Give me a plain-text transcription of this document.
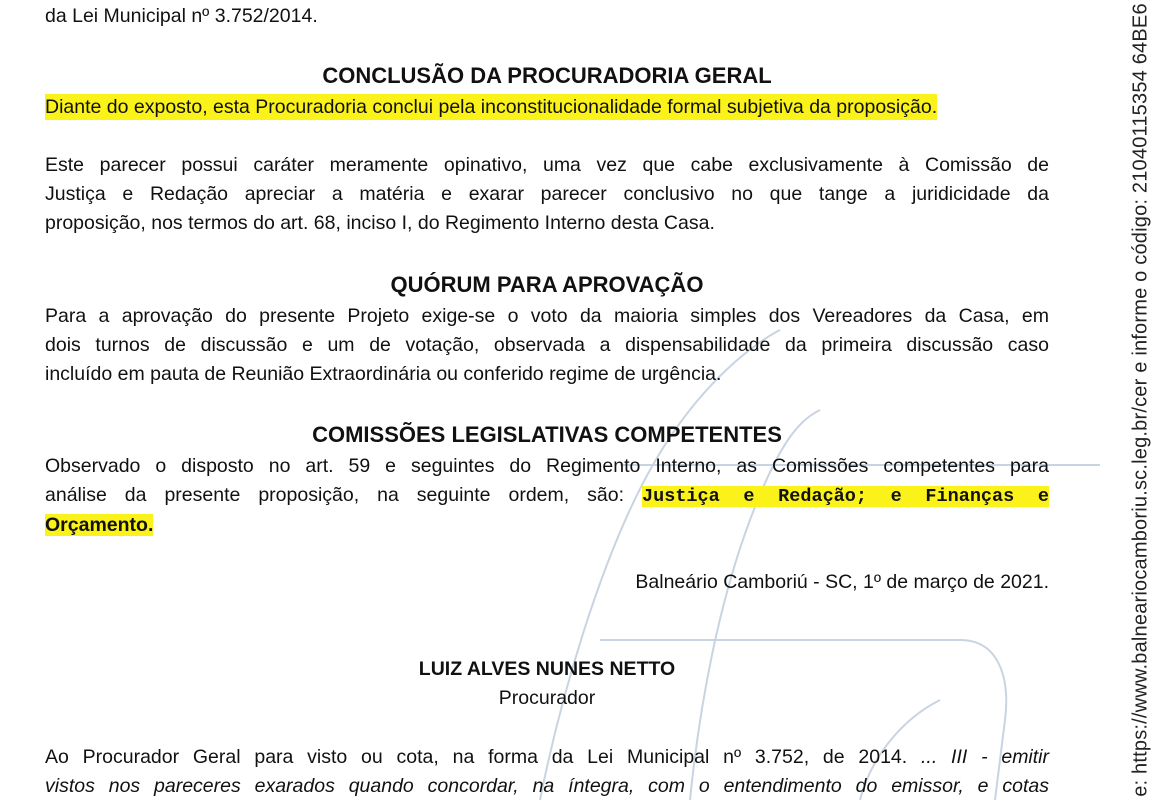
da Lei Municipal nº 3.752/2014.
CONCLUSÃO DA PROCURADORIA GERAL
Diante do exposto, esta Procuradoria conclui pela inconstitucionalidade formal subjetiva da proposição.
Este parecer possui caráter meramente opinativo, uma vez que cabe exclusivamente à Comissão de
Justiça e Redação apreciar a matéria e exarar parecer conclusivo no que tange a juridicidade da
proposição, nos termos do art. 68, inciso I, do Regimento Interno desta Casa.
QUÓRUM PARA APROVAÇÃO
Para a aprovação do presente Projeto exige-se o voto da maioria simples dos Vereadores da Casa, em
dois turnos de discussão e um de votação, observada a dispensabilidade da primeira discussão caso
incluído em pauta de Reunião Extraordinária ou conferido regime de urgência.
COMISSÕES LEGISLATIVAS COMPETENTES
Observado o disposto no art. 59 e seguintes do Regimento Interno, as Comissões competentes para
análise da presente proposição, na seguinte ordem, são: Justiça e Redação; e Finanças e
Orçamento.
Balneário Camboriú - SC, 1º de março de 2021.
LUIZ ALVES NUNES NETTO
Procurador
Ao Procurador Geral para visto ou cota, na forma da Lei Municipal nº 3.752, de 2014. ... III - emitir
vistos nos pareceres exarados quando concordar, na íntegra, com o entendimento do emissor, e cotas	e: https://www.balneariocamboriu.sc.leg.br/cer e informe o código: 21040115354 64BE6
